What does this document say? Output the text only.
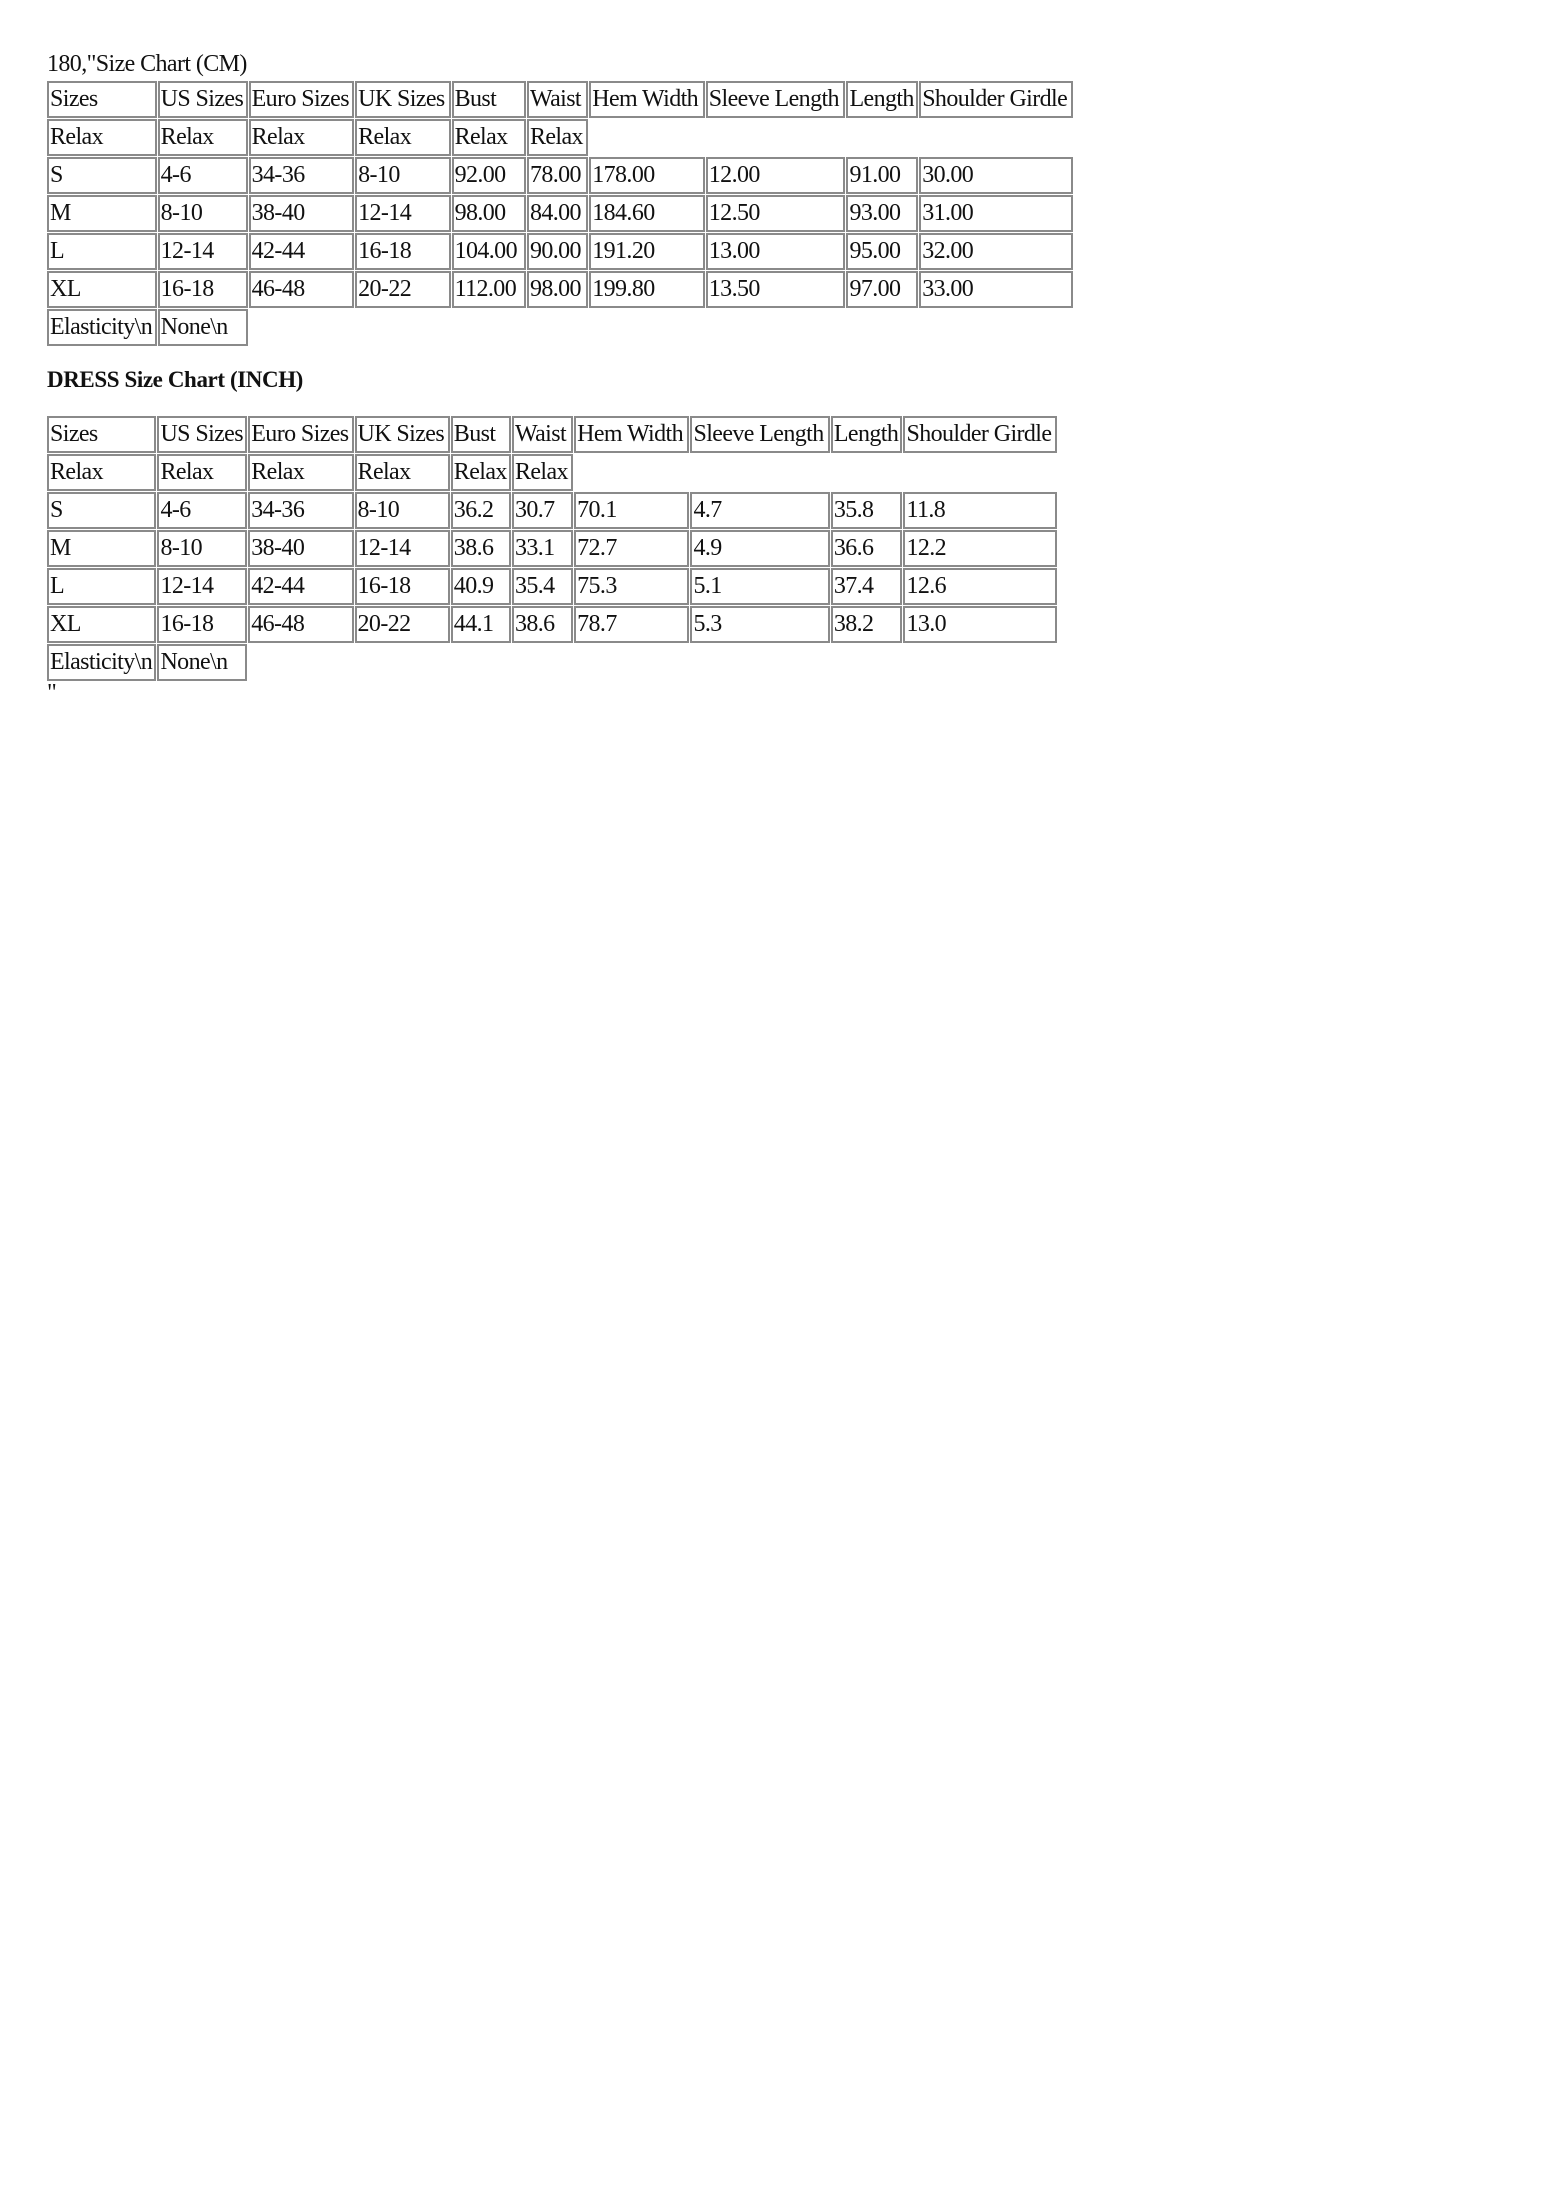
180,"Size Chart (CM)
Sizes	US Sizes	Euro Sizes	UK Sizes	Bust	Waist	Hem Width	Sleeve Length	Length	Shoulder Girdle
Relax	Relax	Relax	Relax	Relax	Relax				
S	4-6	34-36	8-10	92.00	78.00	178.00	12.00	91.00	30.00
M	8-10	38-40	12-14	98.00	84.00	184.60	12.50	93.00	31.00
L	12-14	42-44	16-18	104.00	90.00	191.20	13.00	95.00	32.00
XL	16-18	46-48	20-22	112.00	98.00	199.80	13.50	97.00	33.00
Elasticity\n	None\n								
DRESS Size Chart (INCH)
Sizes	US Sizes	Euro Sizes	UK Sizes	Bust	Waist	Hem Width	Sleeve Length	Length	Shoulder Girdle
Relax	Relax	Relax	Relax	Relax	Relax				
S	4-6	34-36	8-10	36.2	30.7	70.1	4.7	35.8	11.8
M	8-10	38-40	12-14	38.6	33.1	72.7	4.9	36.6	12.2
L	12-14	42-44	16-18	40.9	35.4	75.3	5.1	37.4	12.6
XL	16-18	46-48	20-22	44.1	38.6	78.7	5.3	38.2	13.0
Elasticity\n	None\n								
"
